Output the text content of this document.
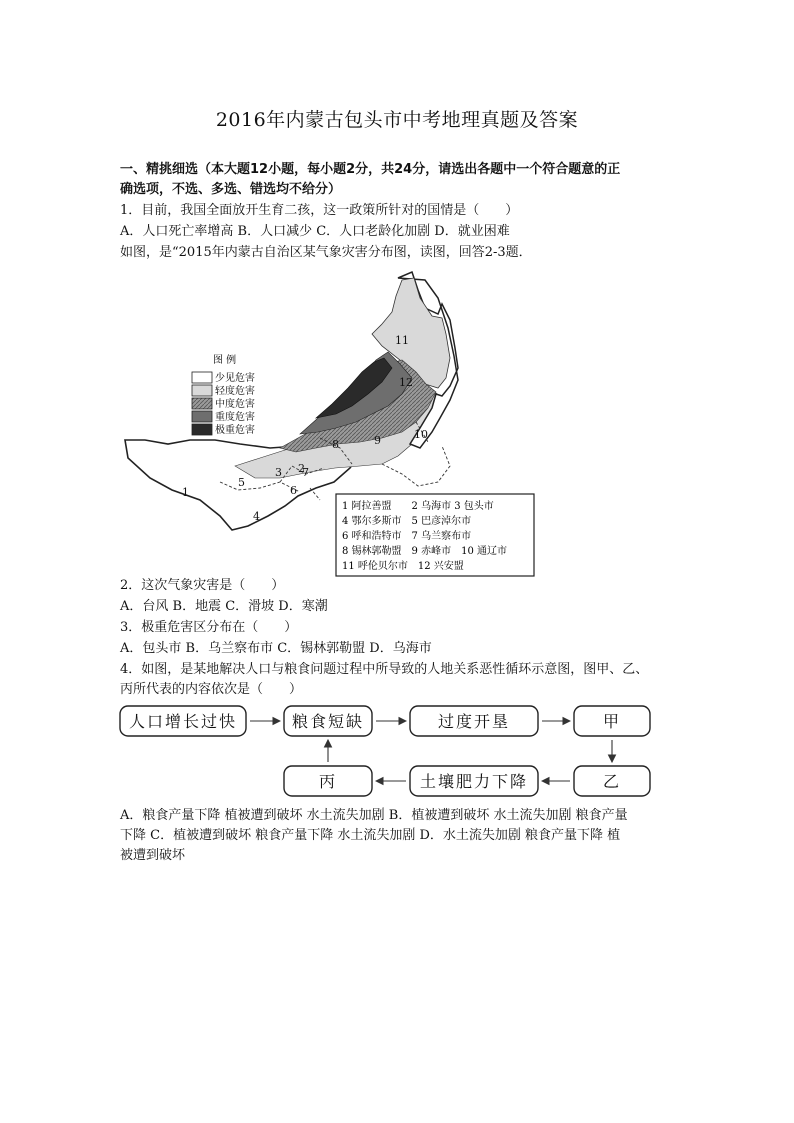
2016年内蒙古包头市中考地理真题及答案
一、精挑细选（本大题12小题，每小题2分，共24分，请选出各题中一个符合题意的正
确选项，不选、多选、错选均不给分）
1．目前，我国全面放开生育二孩，这一政策所针对的国情是（　　）
A．人口死亡率增高 B．人口减少 C．人口老龄化加剧 D．就业困难
如图，是“2015年内蒙古自治区某气象灾害分布图，读图，回答2-3题．
1
2
3
4
5
6
7
8	9	10
11
12
图 例
少见危害
轻度危害
中度危害
重度危害
极重危害
1 阿拉善盟　　2 乌海市 3 包头市
4 鄂尔多斯市　5 巴彦淖尔市
6 呼和浩特市　7 乌兰察布市
8 锡林郭勒盟　9 赤峰市　10 通辽市
11 呼伦贝尔市　12 兴安盟
2．这次气象灾害是（　　）
A．台风 B．地震 C．滑坡 D．寒潮
3．极重危害区分布在（　　）
A．包头市 B．乌兰察布市 C．锡林郭勒盟 D．乌海市
4．如图，是某地解决人口与粮食问题过程中所导致的人地关系恶性循环示意图，图甲、乙、
丙所代表的内容依次是（　　）
人口增长过快	粮食短缺	过度开垦	甲
乙
土壤肥力下降
丙
A．粮食产量下降 植被遭到破坏 水土流失加剧 B．植被遭到破坏 水土流失加剧 粮食产量
下降 C．植被遭到破坏 粮食产量下降 水土流失加剧 D．水土流失加剧 粮食产量下降 植
被遭到破坏
